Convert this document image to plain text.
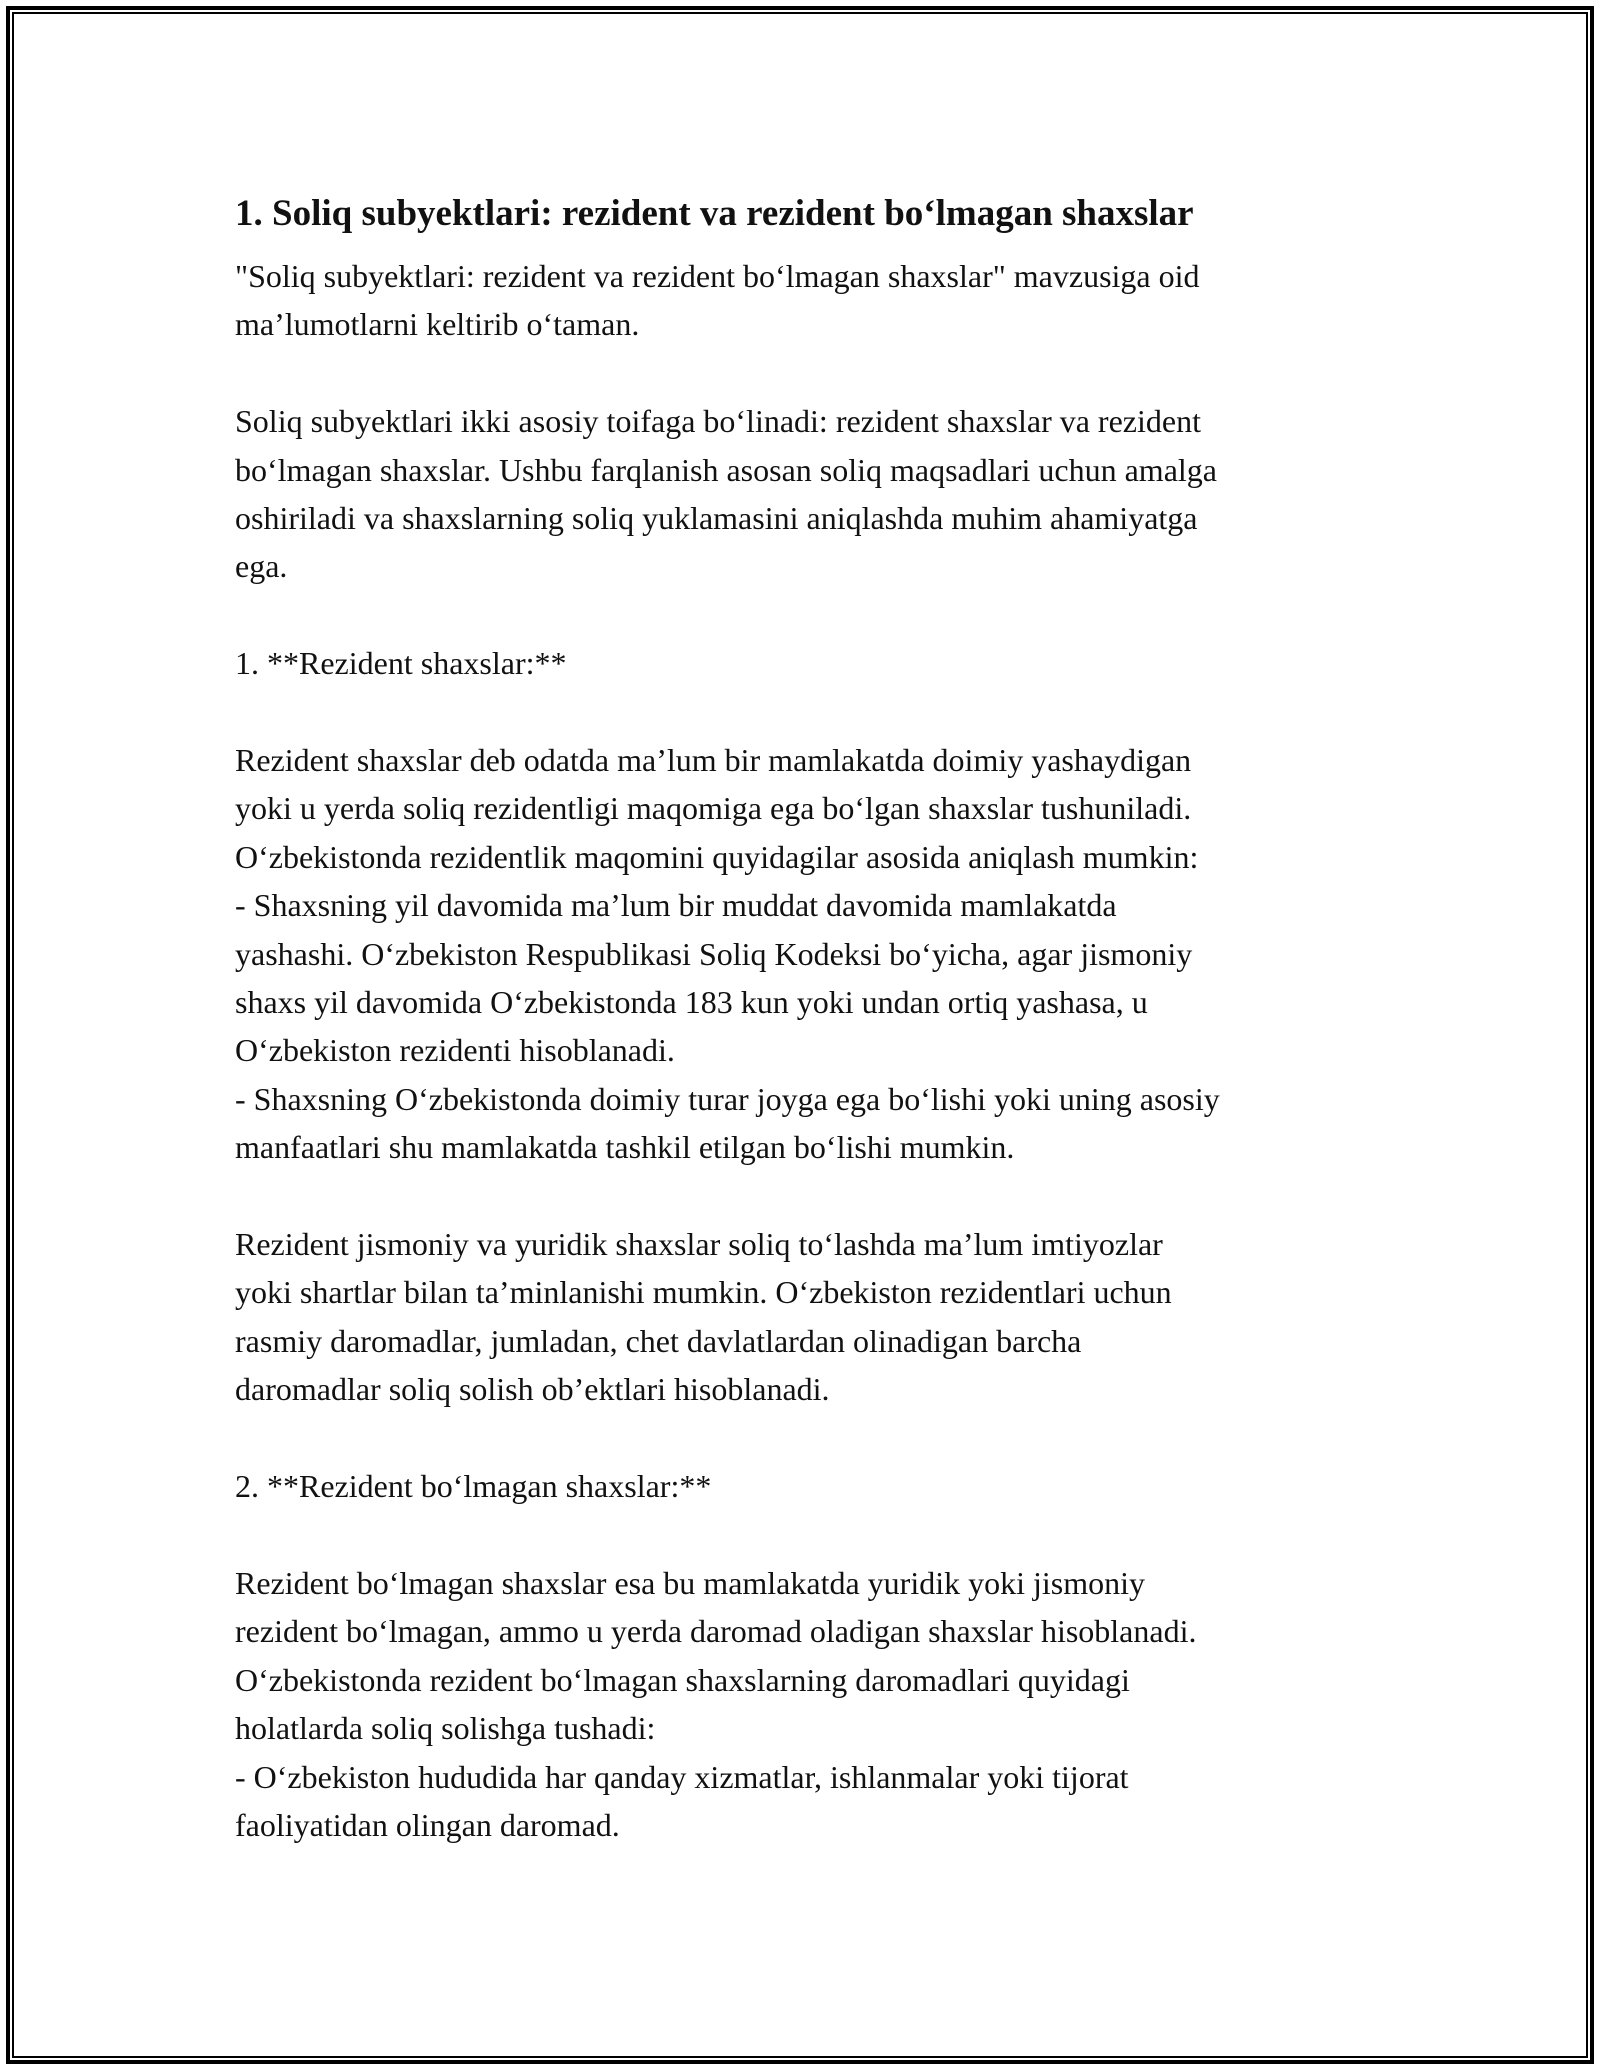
1. Soliq subyektlari: rezident va rezident bo‘lmagan shaxslar
"Soliq subyektlari: rezident va rezident bo‘lmagan shaxslar" mavzusiga oid
ma’lumotlarni keltirib o‘taman.
Soliq subyektlari ikki asosiy toifaga bo‘linadi: rezident shaxslar va rezident
bo‘lmagan shaxslar. Ushbu farqlanish asosan soliq maqsadlari uchun amalga
oshiriladi va shaxslarning soliq yuklamasini aniqlashda muhim ahamiyatga
ega.
1. **Rezident shaxslar:**
Rezident shaxslar deb odatda ma’lum bir mamlakatda doimiy yashaydigan
yoki u yerda soliq rezidentligi maqomiga ega bo‘lgan shaxslar tushuniladi.
O‘zbekistonda rezidentlik maqomini quyidagilar asosida aniqlash mumkin:
- Shaxsning yil davomida ma’lum bir muddat davomida mamlakatda
yashashi. O‘zbekiston Respublikasi Soliq Kodeksi bo‘yicha, agar jismoniy
shaxs yil davomida O‘zbekistonda 183 kun yoki undan ortiq yashasa, u
O‘zbekiston rezidenti hisoblanadi.
- Shaxsning O‘zbekistonda doimiy turar joyga ega bo‘lishi yoki uning asosiy
manfaatlari shu mamlakatda tashkil etilgan bo‘lishi mumkin.
Rezident jismoniy va yuridik shaxslar soliq to‘lashda ma’lum imtiyozlar
yoki shartlar bilan ta’minlanishi mumkin. O‘zbekiston rezidentlari uchun
rasmiy daromadlar, jumladan, chet davlatlardan olinadigan barcha
daromadlar soliq solish ob’ektlari hisoblanadi.
2. **Rezident bo‘lmagan shaxslar:**
Rezident bo‘lmagan shaxslar esa bu mamlakatda yuridik yoki jismoniy
rezident bo‘lmagan, ammo u yerda daromad oladigan shaxslar hisoblanadi.
O‘zbekistonda rezident bo‘lmagan shaxslarning daromadlari quyidagi
holatlarda soliq solishga tushadi:
- O‘zbekiston hududida har qanday xizmatlar, ishlanmalar yoki tijorat
faoliyatidan olingan daromad.
